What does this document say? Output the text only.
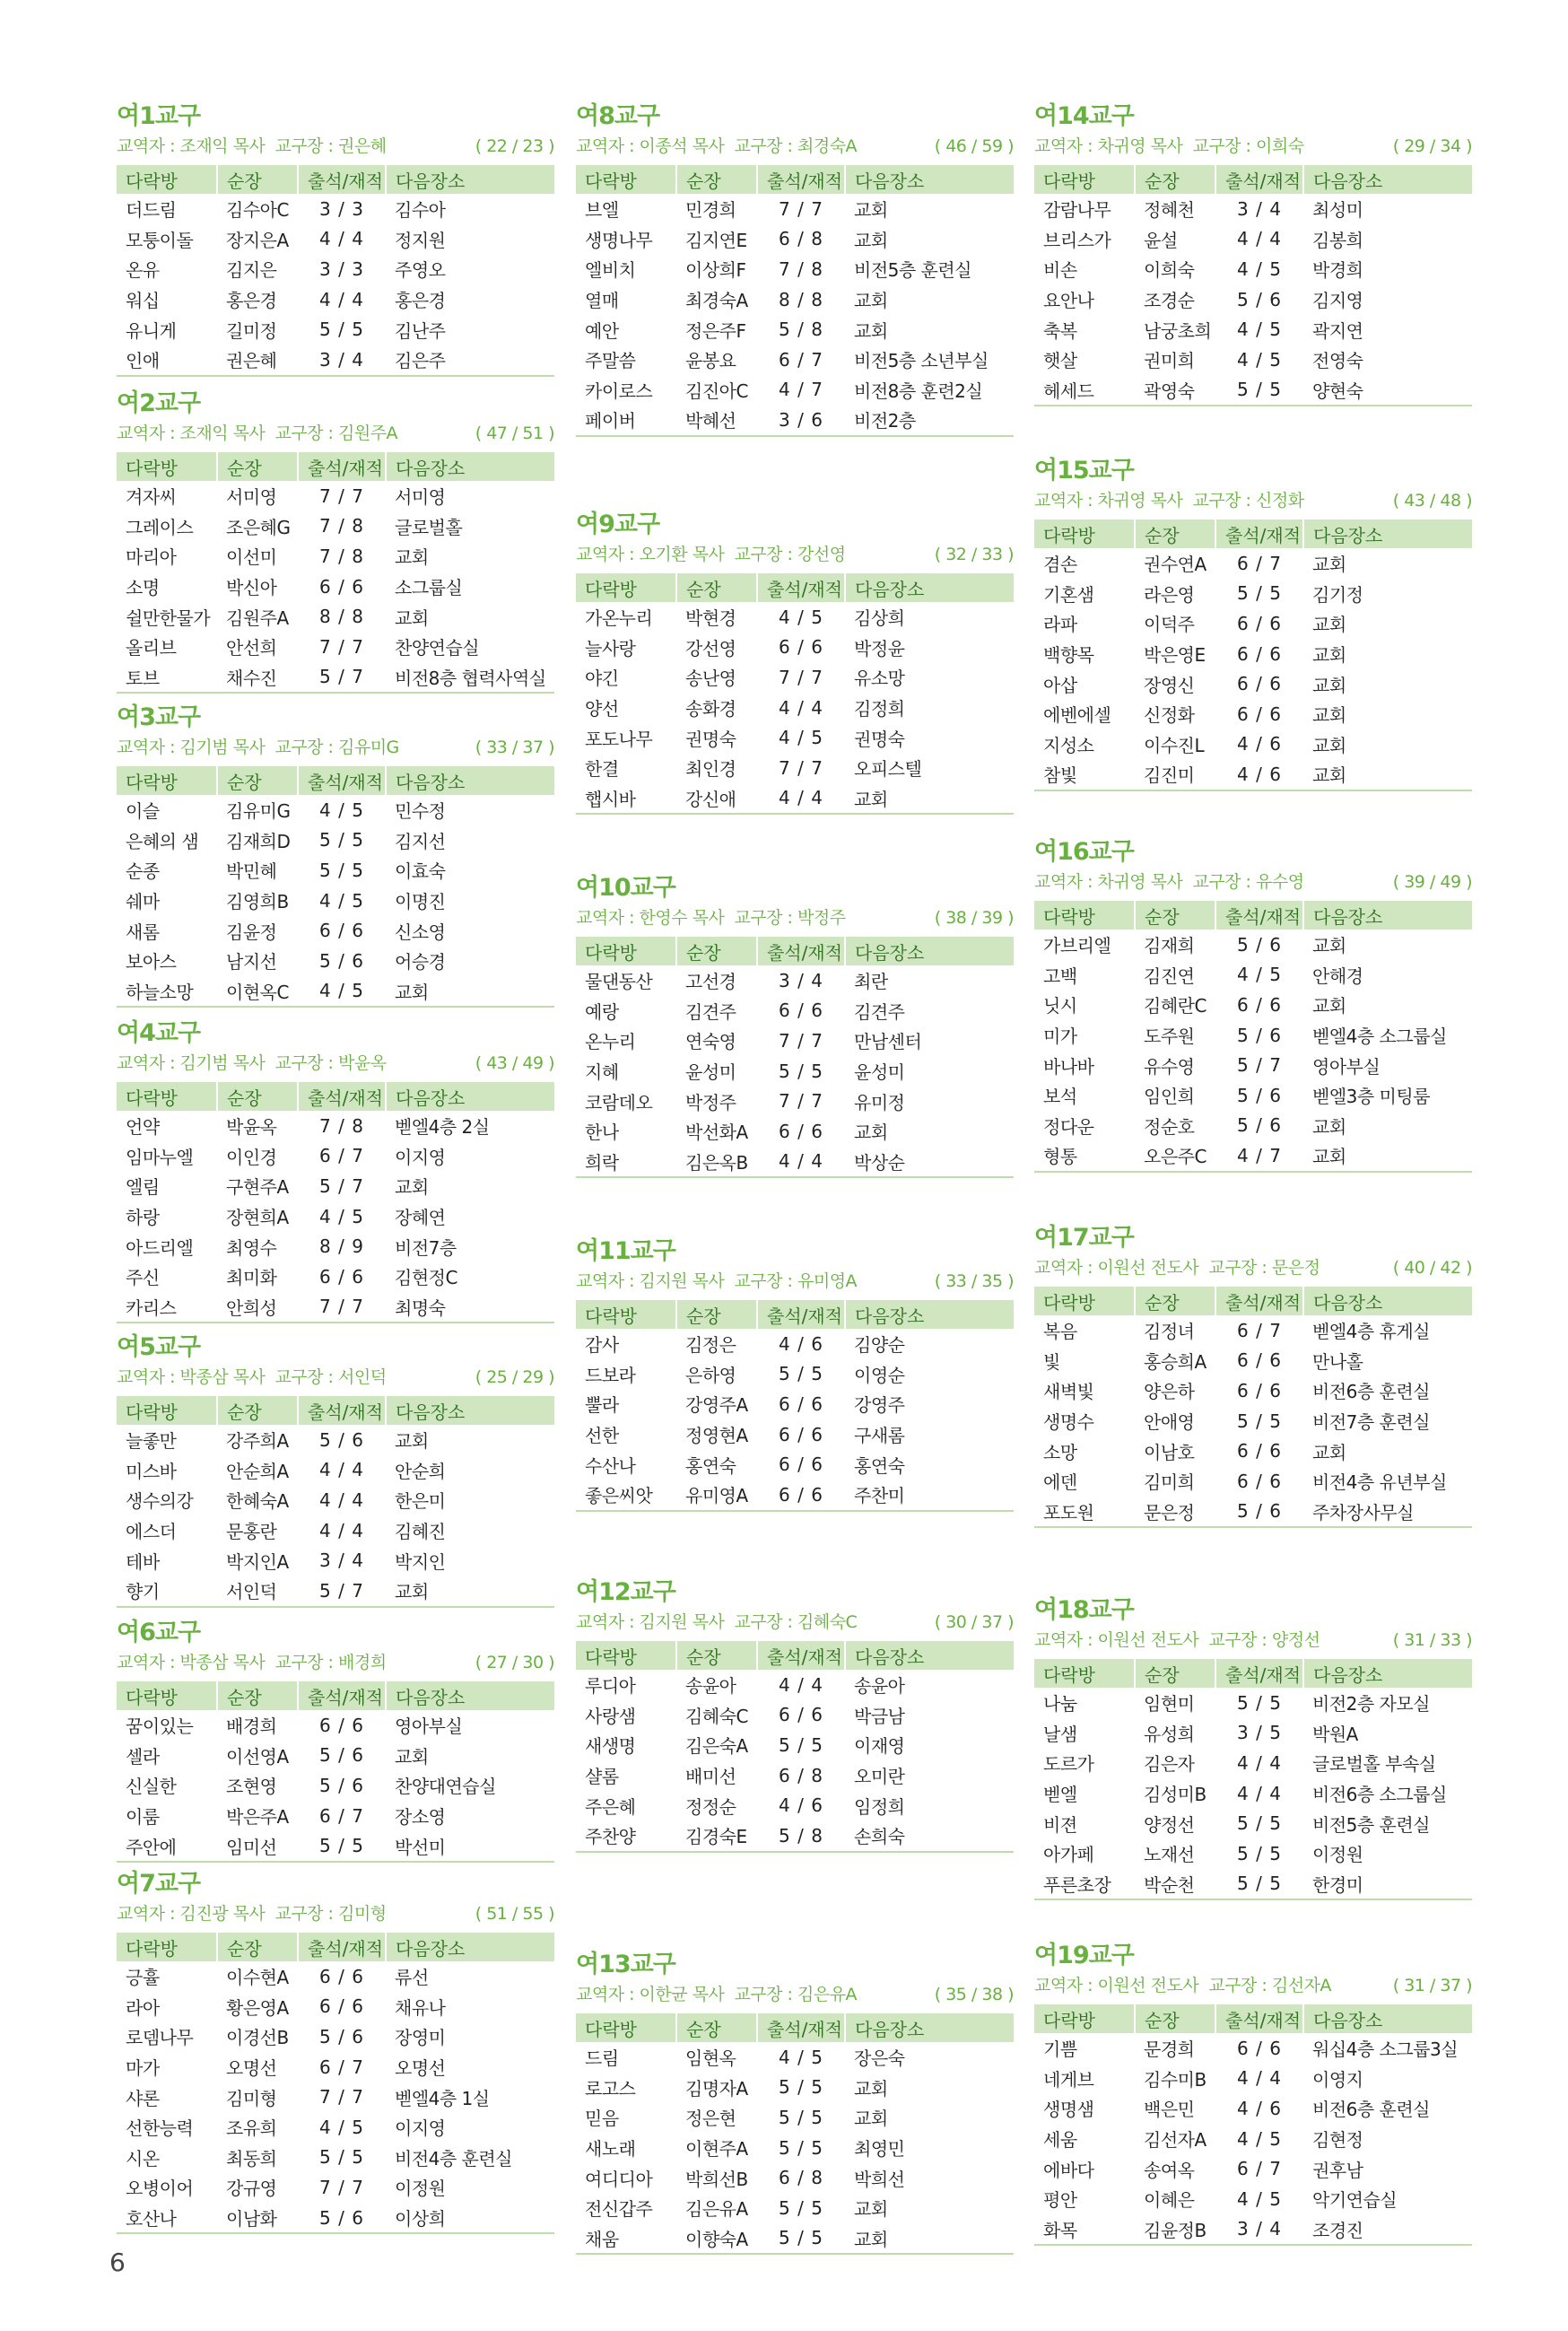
여1교구
교역자 : 조재익 목사 교구장 : 권은혜	( 22 / 23 )
다락방	순장	출석/재적	다음장소
더드림	김수아C	3 / 3	김수아
모퉁이돌	장지은A	4 / 4	정지원
온유	김지은	3 / 3	주영오
워십	홍은경	4 / 4	홍은경
유니게	길미정	5 / 5	김난주
인애	권은혜	3 / 4	김은주
여2교구
교역자 : 조재익 목사 교구장 : 김원주A	( 47 / 51 )
다락방	순장	출석/재적	다음장소
겨자씨	서미영	7 / 7	서미영
그레이스	조은혜G	7 / 8	글로벌홀
마리아	이선미	7 / 8	교회
소명	박신아	6 / 6	소그룹실
쉴만한물가	김원주A	8 / 8	교회
올리브	안선희	7 / 7	찬양연습실
토브	채수진	5 / 7	비전8층 협력사역실
여3교구
교역자 : 김기범 목사 교구장 : 김유미G	( 33 / 37 )
다락방	순장	출석/재적	다음장소
이슬	김유미G	4 / 5	민수정
은혜의 샘	김재희D	5 / 5	김지선
순종	박민혜	5 / 5	이효숙
쉐마	김영희B	4 / 5	이명진
새롬	김윤정	6 / 6	신소영
보아스	남지선	5 / 6	어승경
하늘소망	이현옥C	4 / 5	교회
여4교구
교역자 : 김기범 목사 교구장 : 박윤옥	( 43 / 49 )
다락방	순장	출석/재적	다음장소
언약	박윤옥	7 / 8	벧엘4층 2실
임마누엘	이인경	6 / 7	이지영
엘림	구현주A	5 / 7	교회
하랑	장현희A	4 / 5	장혜연
아드리엘	최영수	8 / 9	비전7층
주신	최미화	6 / 6	김현정C
카리스	안희성	7 / 7	최명숙
여5교구
교역자 : 박종삼 목사 교구장 : 서인덕	( 25 / 29 )
다락방	순장	출석/재적	다음장소
늘좋만	강주희A	5 / 6	교회
미스바	안순희A	4 / 4	안순희
생수의강	한혜숙A	4 / 4	한은미
에스더	문홍란	4 / 4	김혜진
테바	박지인A	3 / 4	박지인
향기	서인덕	5 / 7	교회
여6교구
교역자 : 박종삼 목사 교구장 : 배경희	( 27 / 30 )
다락방	순장	출석/재적	다음장소
꿈이있는	배경희	6 / 6	영아부실
셀라	이선영A	5 / 6	교회
신실한	조현영	5 / 6	찬양대연습실
이룸	박은주A	6 / 7	장소영
주안에	임미선	5 / 5	박선미
여7교구
교역자 : 김진광 목사 교구장 : 김미형	( 51 / 55 )
다락방	순장	출석/재적	다음장소
긍휼	이수현A	6 / 6	류선
라아	황은영A	6 / 6	채유나
로뎀나무	이경선B	5 / 6	장영미
마가	오명선	6 / 7	오명선
샤론	김미형	7 / 7	벧엘4층 1실
선한능력	조유희	4 / 5	이지영
시온	최동희	5 / 5	비전4층 훈련실
오병이어	강규영	7 / 7	이정원
호산나	이남화	5 / 6	이상희
여8교구
교역자 : 이종석 목사 교구장 : 최경숙A	( 46 / 59 )
다락방	순장	출석/재적	다음장소
브엘	민경희	7 / 7	교회
생명나무	김지연E	6 / 8	교회
엘비치	이상희F	7 / 8	비전5층 훈련실
열매	최경숙A	8 / 8	교회
예안	정은주F	5 / 8	교회
주말씀	윤봉요	6 / 7	비전5층 소년부실
카이로스	김진아C	4 / 7	비전8층 훈련2실
페이버	박혜선	3 / 6	비전2층
여9교구
교역자 : 오기환 목사 교구장 : 강선영	( 32 / 33 )
다락방	순장	출석/재적	다음장소
가온누리	박현경	4 / 5	김상희
늘사랑	강선영	6 / 6	박정윤
야긴	송난영	7 / 7	유소망
양선	송화경	4 / 4	김정희
포도나무	권명숙	4 / 5	권명숙
한결	최인경	7 / 7	오피스텔
햅시바	강신애	4 / 4	교회
여10교구
교역자 : 한영수 목사 교구장 : 박정주	( 38 / 39 )
다락방	순장	출석/재적	다음장소
물댄동산	고선경	3 / 4	최란
예랑	김견주	6 / 6	김견주
온누리	연숙영	7 / 7	만남센터
지혜	윤성미	5 / 5	윤성미
코람데오	박정주	7 / 7	유미정
한나	박선화A	6 / 6	교회
희락	김은옥B	4 / 4	박상순
여11교구
교역자 : 김지원 목사 교구장 : 유미영A	( 33 / 35 )
다락방	순장	출석/재적	다음장소
감사	김정은	4 / 6	김양순
드보라	은하영	5 / 5	이영순
뿔라	강영주A	6 / 6	강영주
선한	정영현A	6 / 6	구새롬
수산나	홍연숙	6 / 6	홍연숙
좋은씨앗	유미영A	6 / 6	주찬미
여12교구
교역자 : 김지원 목사 교구장 : 김혜숙C	( 30 / 37 )
다락방	순장	출석/재적	다음장소
루디아	송윤아	4 / 4	송윤아
사랑샘	김혜숙C	6 / 6	박금남
새생명	김은숙A	5 / 5	이재영
샬롬	배미선	6 / 8	오미란
주은혜	정정순	4 / 6	임정희
주찬양	김경숙E	5 / 8	손희숙
여13교구
교역자 : 이한균 목사 교구장 : 김은유A	( 35 / 38 )
다락방	순장	출석/재적	다음장소
드림	임현옥	4 / 5	장은숙
로고스	김명자A	5 / 5	교회
믿음	정은현	5 / 5	교회
새노래	이현주A	5 / 5	최영민
여디디아	박희선B	6 / 8	박희선
전신갑주	김은유A	5 / 5	교회
채움	이향숙A	5 / 5	교회
여14교구
교역자 : 차귀영 목사 교구장 : 이희숙	( 29 / 34 )
다락방	순장	출석/재적	다음장소
감람나무	정혜천	3 / 4	최성미
브리스가	윤설	4 / 4	김봉희
비손	이희숙	4 / 5	박경희
요안나	조경순	5 / 6	김지영
축복	남궁초희	4 / 5	곽지연
햇살	권미희	4 / 5	전영숙
헤세드	곽영숙	5 / 5	양현숙
여15교구
교역자 : 차귀영 목사 교구장 : 신정화	( 43 / 48 )
다락방	순장	출석/재적	다음장소
겸손	권수연A	6 / 7	교회
기혼샘	라은영	5 / 5	김기정
라파	이덕주	6 / 6	교회
백향목	박은영E	6 / 6	교회
아삽	장영신	6 / 6	교회
에벤에셀	신정화	6 / 6	교회
지성소	이수진L	4 / 6	교회
참빛	김진미	4 / 6	교회
여16교구
교역자 : 차귀영 목사 교구장 : 유수영	( 39 / 49 )
다락방	순장	출석/재적	다음장소
가브리엘	김재희	5 / 6	교회
고백	김진연	4 / 5	안해경
닛시	김혜란C	6 / 6	교회
미가	도주원	5 / 6	벧엘4층 소그룹실
바나바	유수영	5 / 7	영아부실
보석	임인희	5 / 6	벧엘3층 미팅룸
정다운	정순호	5 / 6	교회
형통	오은주C	4 / 7	교회
여17교구
교역자 : 이원선 전도사 교구장 : 문은정	( 40 / 42 )
다락방	순장	출석/재적	다음장소
복음	김정녀	6 / 7	벧엘4층 휴게실
빛	홍승희A	6 / 6	만나홀
새벽빛	양은하	6 / 6	비전6층 훈련실
생명수	안애영	5 / 5	비전7층 훈련실
소망	이남호	6 / 6	교회
에덴	김미희	6 / 6	비전4층 유년부실
포도원	문은정	5 / 6	주차장사무실
여18교구
교역자 : 이원선 전도사 교구장 : 양정선	( 31 / 33 )
다락방	순장	출석/재적	다음장소
나눔	임현미	5 / 5	비전2층 자모실
날샘	유성희	3 / 5	박원A
도르가	김은자	4 / 4	글로벌홀 부속실
벧엘	김성미B	4 / 4	비전6층 소그룹실
비젼	양정선	5 / 5	비전5층 훈련실
아가페	노재선	5 / 5	이정원
푸른초장	박순천	5 / 5	한경미
여19교구
교역자 : 이원선 전도사 교구장 : 김선자A	( 31 / 37 )
다락방	순장	출석/재적	다음장소
기쁨	문경희	6 / 6	워십4층 소그룹3실
네게브	김수미B	4 / 4	이영지
생명샘	백은민	4 / 6	비전6층 훈련실
세움	김선자A	4 / 5	김현정
에바다	송여옥	6 / 7	권후남
평안	이혜은	4 / 5	악기연습실
화목	김윤정B	3 / 4	조경진
6
